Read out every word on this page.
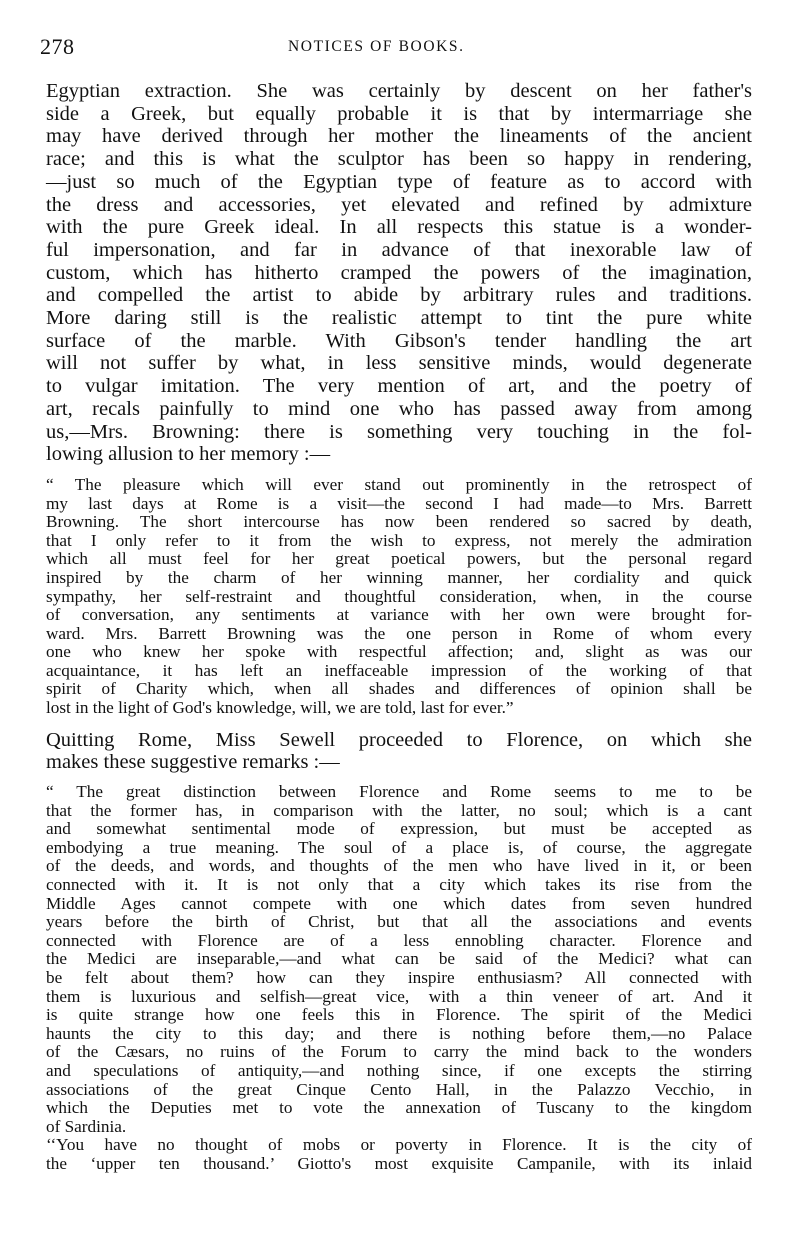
278	NOTICES OF BOOKS.
Egyptian extraction. She was certainly by descent on her father's
side a Greek, but equally probable it is that by intermarriage she
may have derived through her mother the lineaments of the ancient
race; and this is what the sculptor has been so happy in rendering,
—just so much of the Egyptian type of feature as to accord with
the dress and accessories, yet elevated and refined by admixture
with the pure Greek ideal. In all respects this statue is a wonder-
ful impersonation, and far in advance of that inexorable law of
custom, which has hitherto cramped the powers of the imagination,
and compelled the artist to abide by arbitrary rules and traditions.
More daring still is the realistic attempt to tint the pure white
surface of the marble. With Gibson's tender handling the art
will not suffer by what, in less sensitive minds, would degenerate
to vulgar imitation. The very mention of art, and the poetry of
art, recals painfully to mind one who has passed away from among
us,—Mrs. Browning: there is something very touching in the fol-
lowing allusion to her memory :—
“ The pleasure which will ever stand out prominently in the retrospect of
my last days at Rome is a visit—the second I had made—to Mrs. Barrett
Browning. The short intercourse has now been rendered so sacred by death,
that I only refer to it from the wish to express, not merely the admiration
which all must feel for her great poetical powers, but the personal regard
inspired by the charm of her winning manner, her cordiality and quick
sympathy, her self-restraint and thoughtful consideration, when, in the course
of conversation, any sentiments at variance with her own were brought for-
ward. Mrs. Barrett Browning was the one person in Rome of whom every
one who knew her spoke with respectful affection; and, slight as was our
acquaintance, it has left an ineffaceable impression of the working of that
spirit of Charity which, when all shades and differences of opinion shall be
lost in the light of God's knowledge, will, we are told, last for ever.”
Quitting Rome, Miss Sewell proceeded to Florence, on which she
makes these suggestive remarks :—
“ The great distinction between Florence and Rome seems to me to be
that the former has, in comparison with the latter, no soul; which is a cant
and somewhat sentimental mode of expression, but must be accepted as
embodying a true meaning. The soul of a place is, of course, the aggregate
of the deeds, and words, and thoughts of the men who have lived in it, or been
connected with it. It is not only that a city which takes its rise from the
Middle Ages cannot compete with one which dates from seven hundred
years before the birth of Christ, but that all the associations and events
connected with Florence are of a less ennobling character. Florence and
the Medici are inseparable,—and what can be said of the Medici? what can
be felt about them? how can they inspire enthusiasm? All connected with
them is luxurious and selfish—great vice, with a thin veneer of art. And it
is quite strange how one feels this in Florence. The spirit of the Medici
haunts the city to this day; and there is nothing before them,—no Palace
of the Cæsars, no ruins of the Forum to carry the mind back to the wonders
and speculations of antiquity,—and nothing since, if one excepts the stirring
associations of the great Cinque Cento Hall, in the Palazzo Vecchio, in
which the Deputies met to vote the annexation of Tuscany to the kingdom
of Sardinia.
‘‘You have no thought of mobs or poverty in Florence. It is the city of
the ‘upper ten thousand.’ Giotto's most exquisite Campanile, with its inlaid
